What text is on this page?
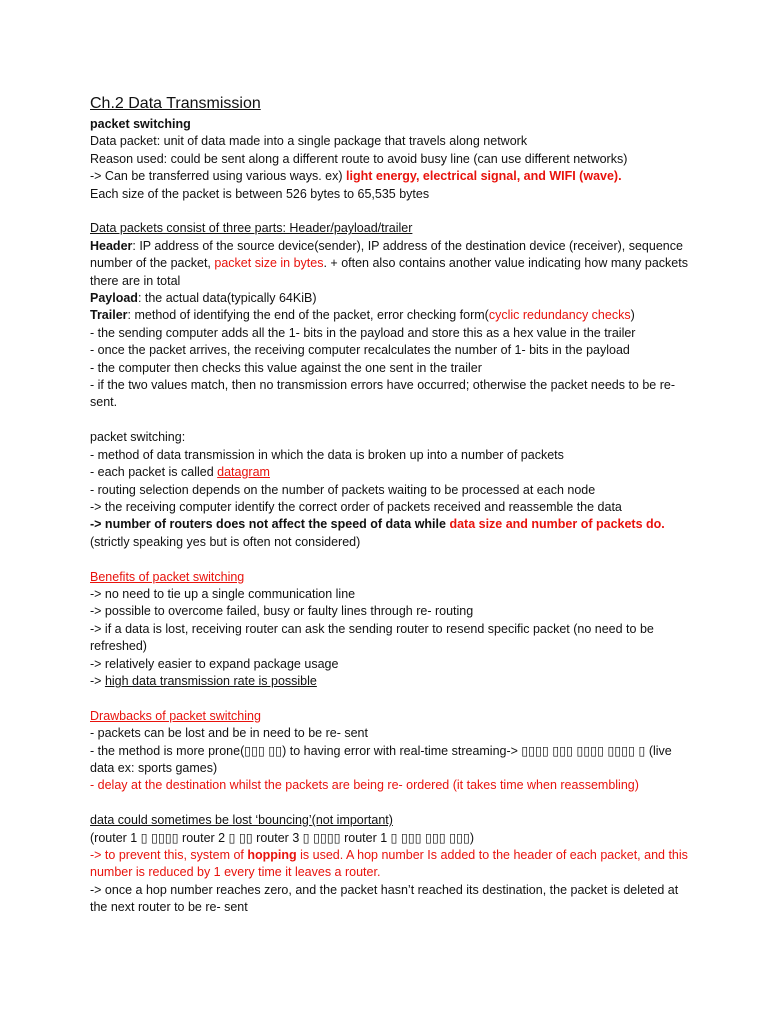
Ch.2 Data Transmission

packet switching

Data packet: unit of data made into a single package that travels along network

Reason used: could be sent along a different route to avoid busy line (can use different networks)

-> Can be transferred using various ways. ex) light energy, electrical signal, and WIFI (wave).

Each size of the packet is between 526 bytes to 65,535 bytes

Data packets consist of three parts: Header/payload/trailer

Header: IP address of the source device(sender), IP address of the destination device (receiver), sequence number of the packet, packet size in bytes. + often also contains another value indicating how many packets there are in total

Payload: the actual data(typically 64KiB)

Trailer: method of identifying the end of the packet, error checking form(cyclic redundancy checks)

- the sending computer adds all the 1- bits in the payload and store this as a hex value in the trailer

- once the packet arrives, the receiving computer recalculates the number of 1- bits in the payload

- the computer then checks this value against the one sent in the trailer

- if the two values match, then no transmission errors have occurred; otherwise the packet needs to be re- sent.

packet switching:

- method of data transmission in which the data is broken up into a number of packets

- each packet is called datagram

- routing selection depends on the number of packets waiting to be processed at each node

-> the receiving computer identify the correct order of packets received and reassemble the data

-> number of routers does not affect the speed of data while data size and number of packets do.

(strictly speaking yes but is often not considered)

Benefits of packet switching

-> no need to tie up a single communication line

-> possible to overcome failed, busy or faulty lines through re- routing

-> if a data is lost, receiving router can ask the sending router to resend specific packet (no need to be refreshed)

-> relatively easier to expand package usage

-> high data transmission rate is possible

Drawbacks of packet switching

- packets can be lost and be in need to be re- sent

- the method is more prone(▯▯▯ ▯▯) to having error with real-time streaming-> ▯▯▯▯ ▯▯▯ ▯▯▯▯ ▯▯▯▯ ▯ (live data ex: sports games)

- delay at the destination whilst the packets are being re- ordered (it takes time when reassembling)

data could sometimes be lost ‘bouncing’(not important)

(router 1 ▯ ▯▯▯▯ router 2 ▯ ▯▯ router 3 ▯ ▯▯▯▯ router 1 ▯ ▯▯▯ ▯▯▯ ▯▯▯)

-> to prevent this, system of hopping is used. A hop number Is added to the header of each packet, and this number is reduced by 1 every time it leaves a router.

-> once a hop number reaches zero, and the packet hasn’t reached its destination, the packet is deleted at the next router to be re- sent
